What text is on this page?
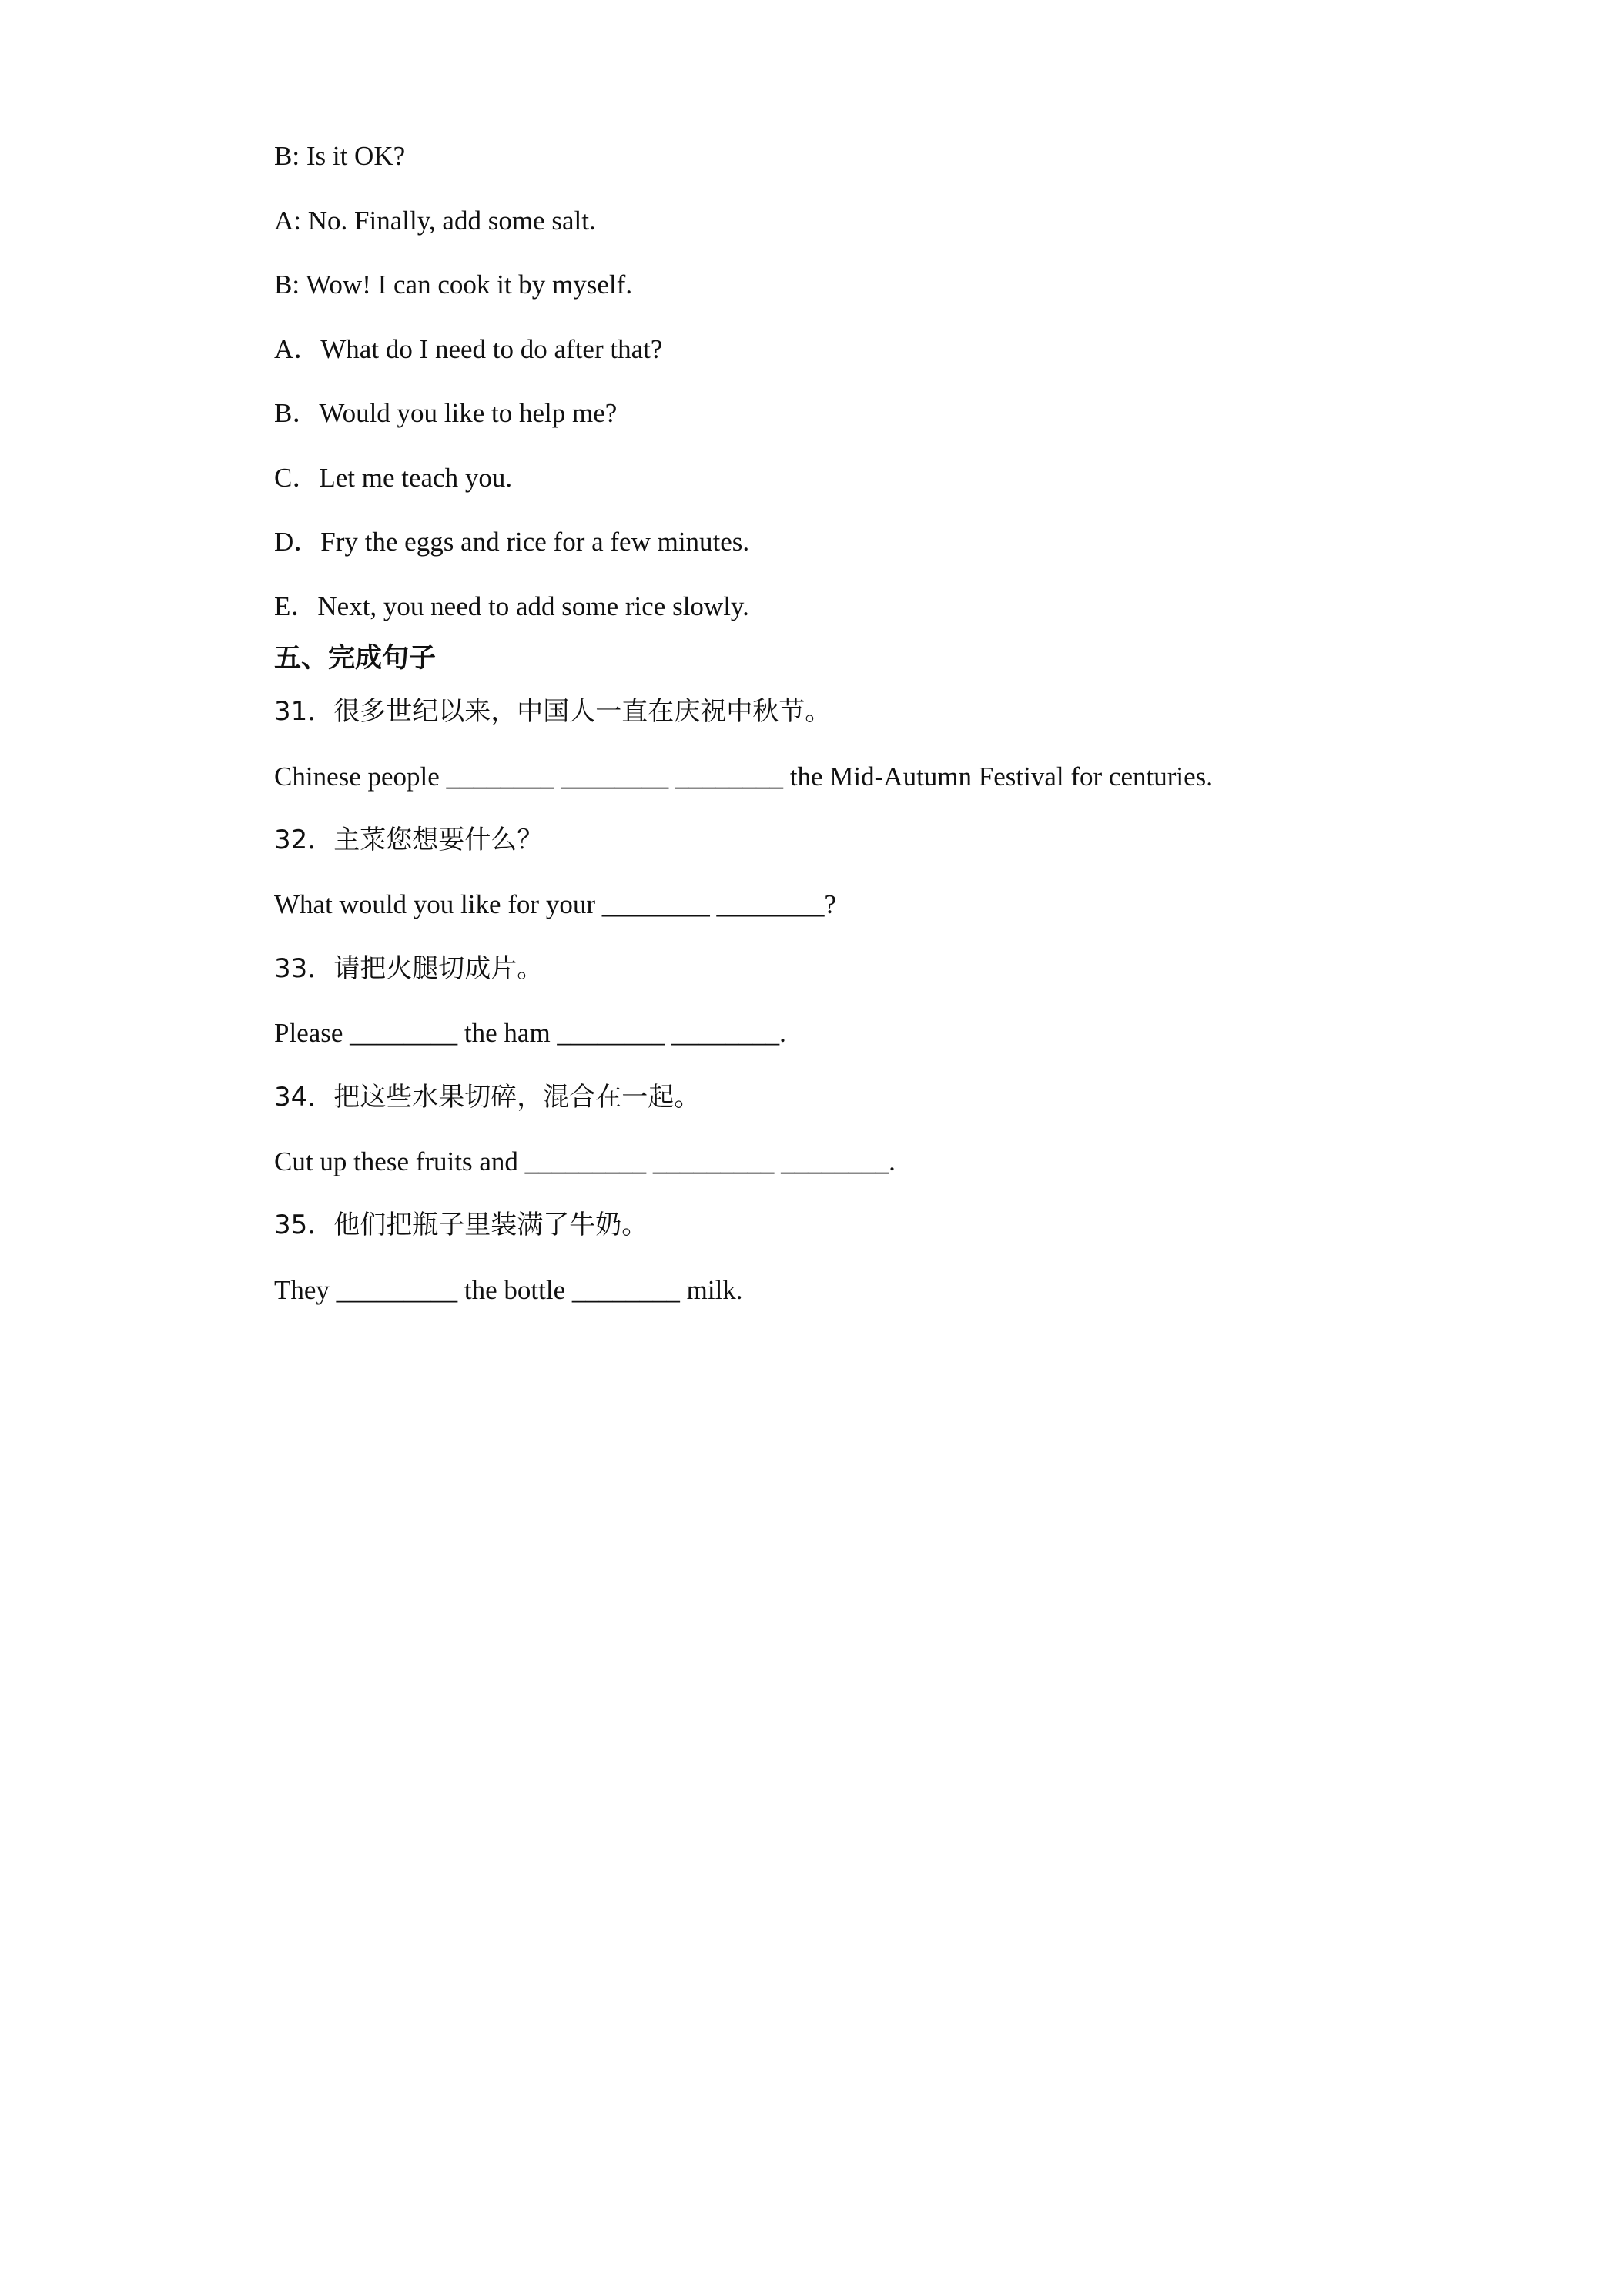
B: Is it OK?
A: No. Finally, add some salt.
B: Wow! I can cook it by myself.
A．What do I need to do after that?
B．Would you like to help me?
C．Let me teach you.
D．Fry the eggs and rice for a few minutes.
E．Next, you need to add some rice slowly.
五、完成句子
31．很多世纪以来，中国人一直在庆祝中秋节。
Chinese people ________ ________ ________ the Mid-Autumn Festival for centuries.
32．主菜您想要什么？
What would you like for your ________ ________?
33．请把火腿切成片。
Please ________ the ham ________ ________.
34．把这些水果切碎，混合在一起。
Cut up these fruits and _________ _________ ________.
35．他们把瓶子里装满了牛奶。
They _________ the bottle ________ milk.
